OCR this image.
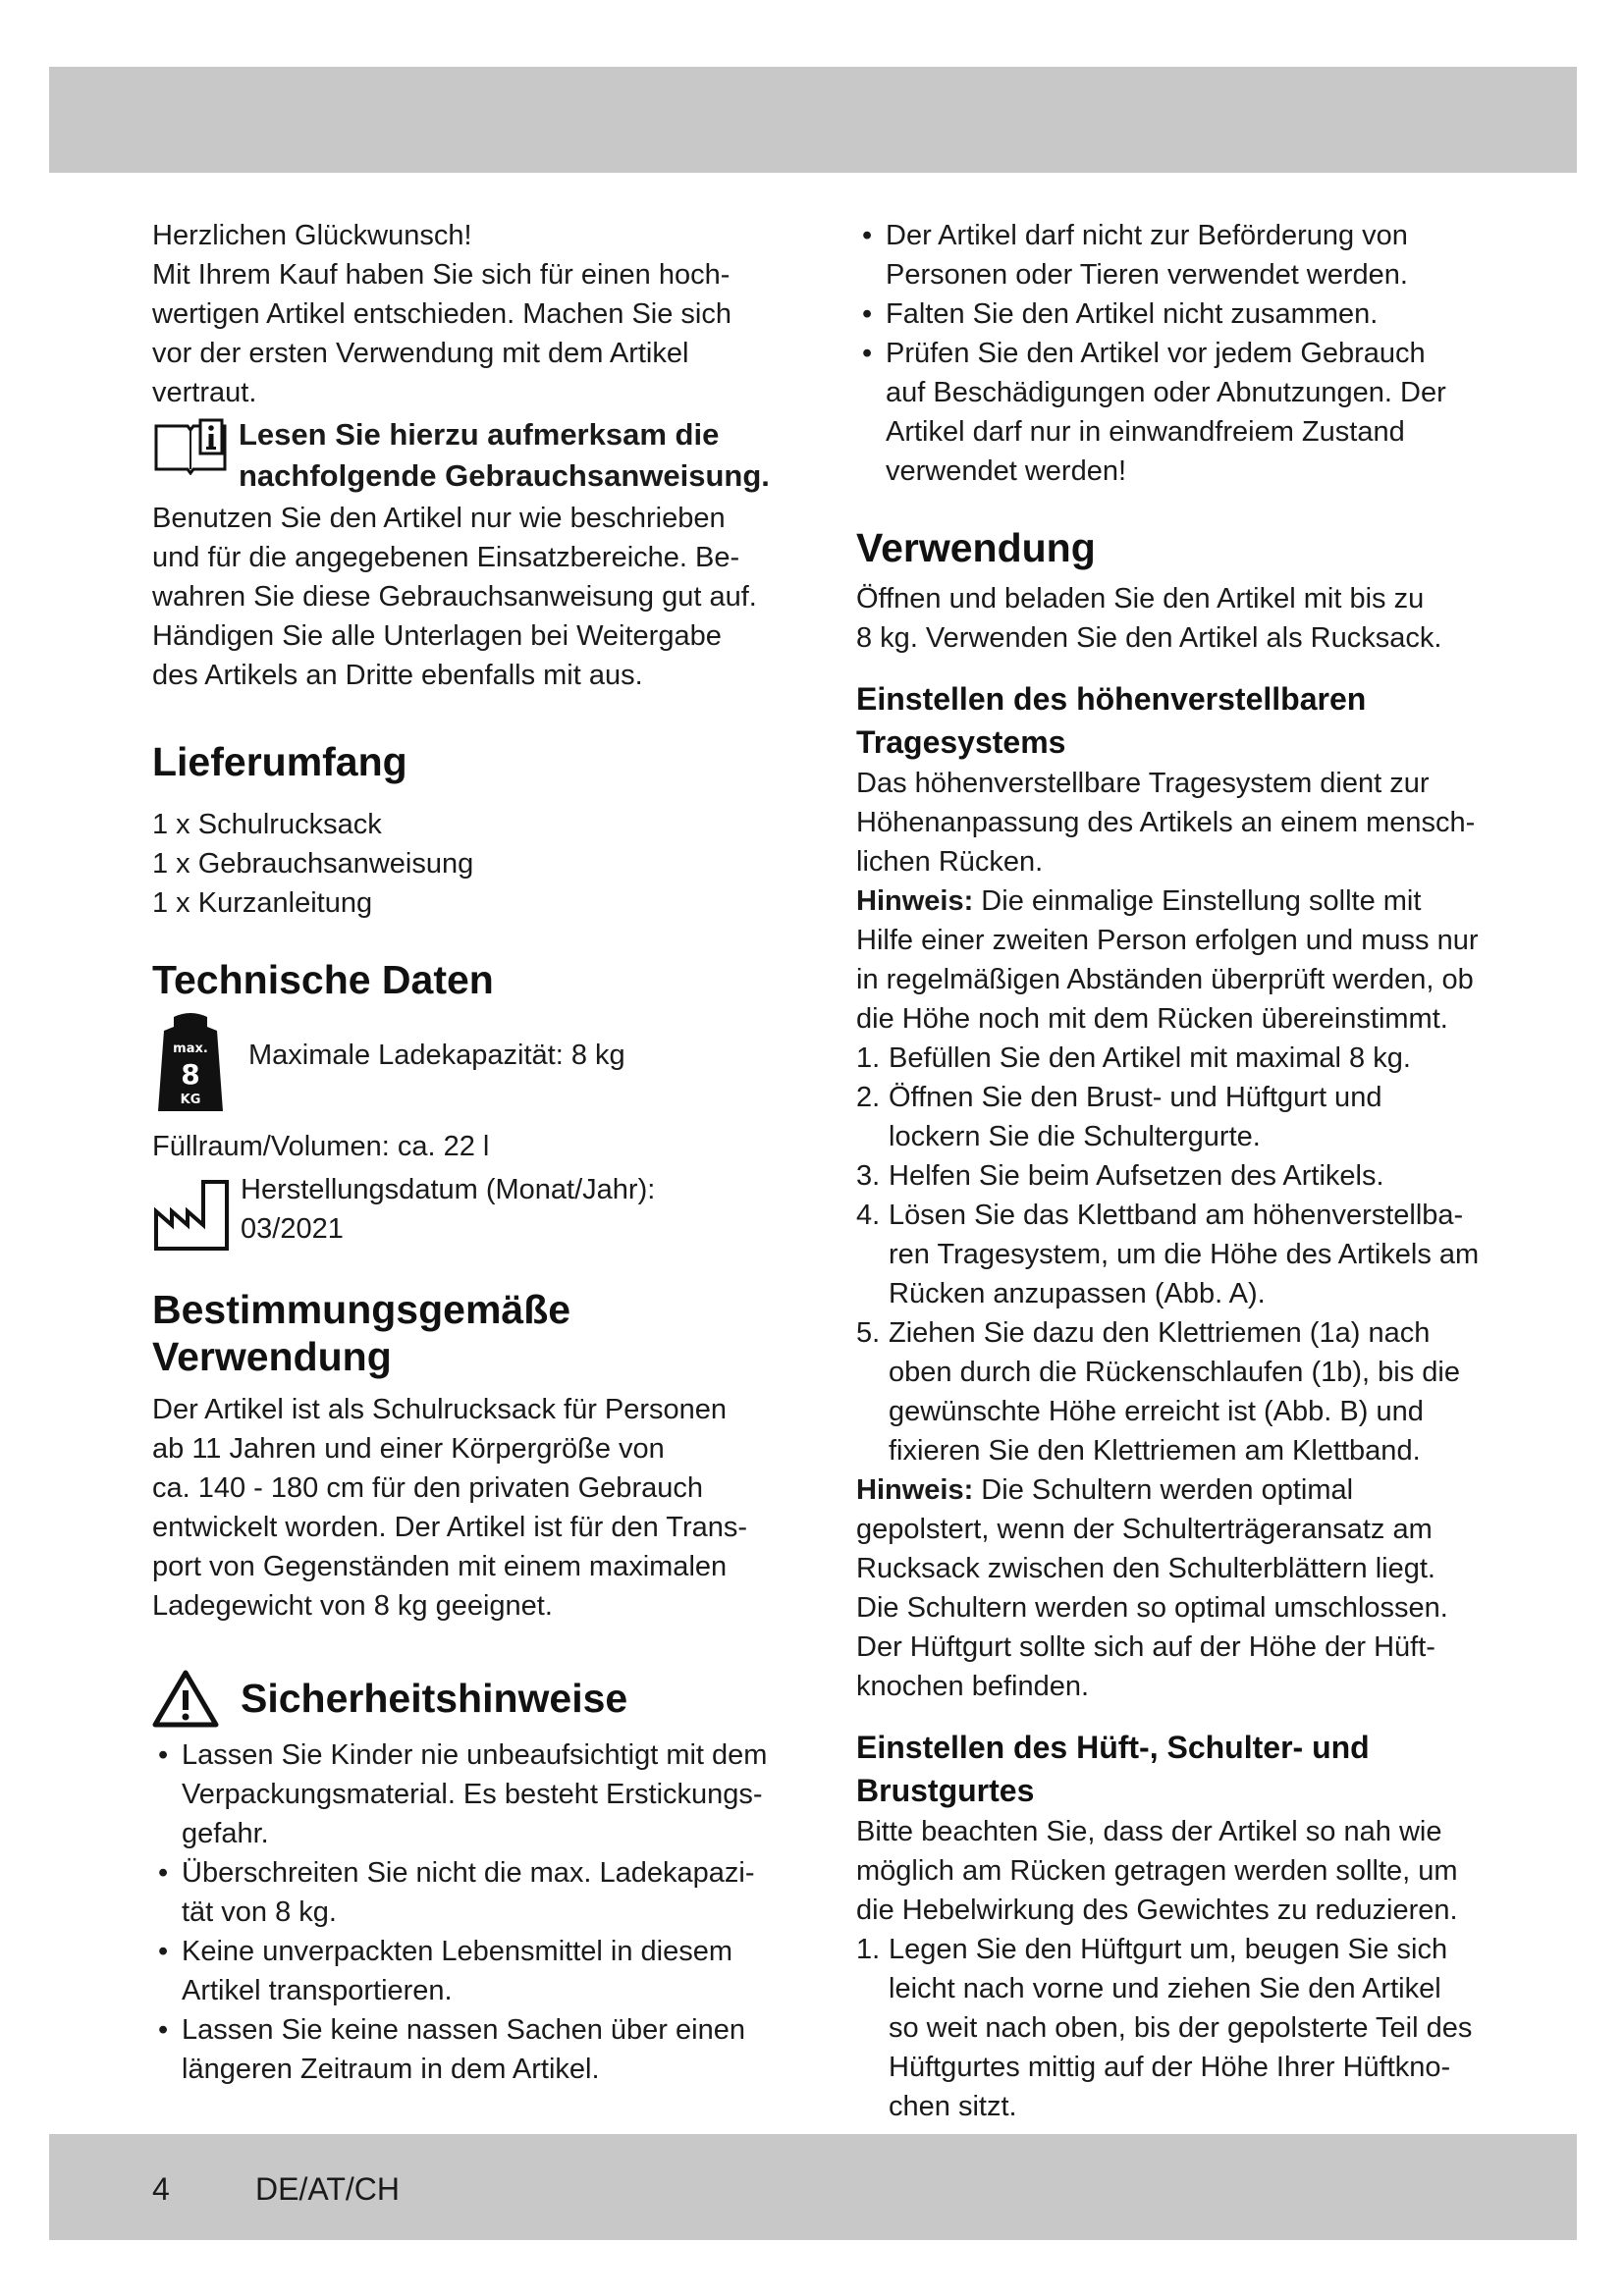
Herzlichen Glückwunsch!
Mit Ihrem Kauf haben Sie sich für einen hoch-
wertigen Artikel entschieden. Machen Sie sich
vor der ersten Verwendung mit dem Artikel
vertraut.

Lesen Sie hierzu aufmerksam die
nachfolgende Gebrauchsanweisung.

Benutzen Sie den Artikel nur wie beschrieben
und für die angegebenen Einsatzbereiche. Be-
wahren Sie diese Gebrauchsanweisung gut auf.
Händigen Sie alle Unterlagen bei Weitergabe
des Artikels an Dritte ebenfalls mit aus.

Lieferumfang

1 x Schulrucksack
1 x Gebrauchsanweisung
1 x Kurzanleitung

Technische Daten
max.
8
KG
Maximale Ladekapazität: 8 kg

Füllraum/Volumen: ca. 22 l

Herstellungsdatum (Monat/Jahr):
03/2021

Bestimmungsgemäße
Verwendung

Der Artikel ist als Schulrucksack für Personen
ab 11 Jahren und einer Körpergröße von
ca. 140 - 180 cm für den privaten Gebrauch
entwickelt worden. Der Artikel ist für den Trans-
port von Gegenständen mit einem maximalen
Ladegewicht von 8 kg geeignet.

Sicherheitshinweise
• Lassen Sie Kinder nie unbeaufsichtigt mit dem
Verpackungsmaterial. Es besteht Erstickungs-
gefahr.
• Überschreiten Sie nicht die max. Ladekapazi-
tät von 8 kg.
• Keine unverpackten Lebensmittel in diesem
Artikel transportieren.
• Lassen Sie keine nassen Sachen über einen
längeren Zeitraum in dem Artikel.
• Der Artikel darf nicht zur Beförderung von
Personen oder Tieren verwendet werden.
• Falten Sie den Artikel nicht zusammen.
• Prüfen Sie den Artikel vor jedem Gebrauch
auf Beschädigungen oder Abnutzungen. Der
Artikel darf nur in einwandfreiem Zustand
verwendet werden!
Verwendung

Öffnen und beladen Sie den Artikel mit bis zu
8 kg. Verwenden Sie den Artikel als Rucksack.

Einstellen des höhenverstellbaren
Tragesystems

Das höhenverstellbare Tragesystem dient zur
Höhenanpassung des Artikels an einem mensch-
lichen Rücken.

Hinweis: Die einmalige Einstellung sollte mit
Hilfe einer zweiten Person erfolgen und muss nur
in regelmäßigen Abständen überprüft werden, ob
die Höhe noch mit dem Rücken übereinstimmt.

1. Befüllen Sie den Artikel mit maximal 8 kg.
2. Öffnen Sie den Brust- und Hüftgurt und
lockern Sie die Schultergurte.
3. Helfen Sie beim Aufsetzen des Artikels.
4. Lösen Sie das Klettband am höhenverstellba-
ren Tragesystem, um die Höhe des Artikels am
Rücken anzupassen (Abb. A).
5. Ziehen Sie dazu den Klettriemen (1a) nach
oben durch die Rückenschlaufen (1b), bis die
gewünschte Höhe erreicht ist (Abb. B) und
fixieren Sie den Klettriemen am Klettband.

Hinweis: Die Schultern werden optimal
gepolstert, wenn der Schulterträgeransatz am
Rucksack zwischen den Schulterblättern liegt.
Die Schultern werden so optimal umschlossen.
Der Hüftgurt sollte sich auf der Höhe der Hüft-
knochen befinden.

Einstellen des Hüft-, Schulter- und
Brustgurtes

Bitte beachten Sie, dass der Artikel so nah wie
möglich am Rücken getragen werden sollte, um
die Hebelwirkung des Gewichtes zu reduzieren.

1. Legen Sie den Hüftgurt um, beugen Sie sich
leicht nach vorne und ziehen Sie den Artikel
so weit nach oben, bis der gepolsterte Teil des
Hüftgurtes mittig auf der Höhe Ihrer Hüftkno-
chen sitzt.
4	DE/AT/CH
